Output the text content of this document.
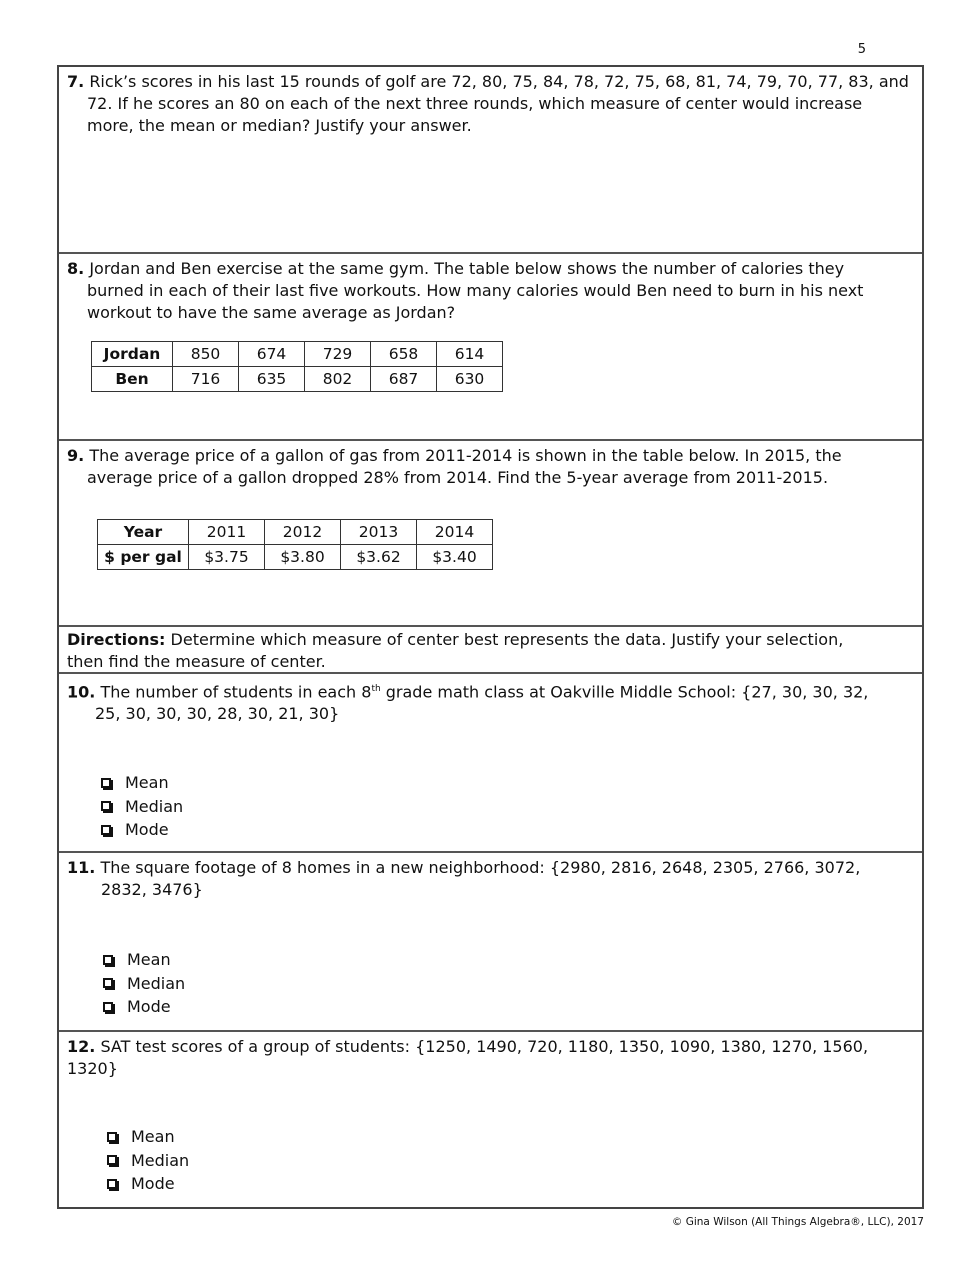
5
7. Rick’s scores in his last 15 rounds of golf are 72, 80, 75, 84, 78, 72, 75, 68, 81, 74, 79, 70, 77, 83, and
72. If he scores an 80 on each of the next three rounds, which measure of center would increase
more, the mean or median? Justify your answer.
8. Jordan and Ben exercise at the same gym. The table below shows the number of calories they
burned in each of their last five workouts. How many calories would Ben need to burn in his next
workout to have the same average as Jordan?
Jordan	850	674	729	658	614
Ben	716	635	802	687	630
9. The average price of a gallon of gas from 2011-2014 is shown in the table below. In 2015, the
average price of a gallon dropped 28% from 2014. Find the 5-year average from 2011-2015.
Year	2011	2012	2013	2014
$ per gal	$3.75	$3.80	$3.62	$3.40
Directions: Determine which measure of center best represents the data. Justify your selection,
then find the measure of center.
10. The number of students in each 8th grade math class at Oakville Middle School: {27, 30, 30, 32,
25, 30, 30, 30, 28, 30, 21, 30}
Mean
Median
Mode
11. The square footage of 8 homes in a new neighborhood: {2980, 2816, 2648, 2305, 2766, 3072,
2832, 3476}
Mean
Median
Mode
12. SAT test scores of a group of students: {1250, 1490, 720, 1180, 1350, 1090, 1380, 1270, 1560, 1320}
Mean
Median
Mode
© Gina Wilson (All Things Algebra®, LLC), 2017
